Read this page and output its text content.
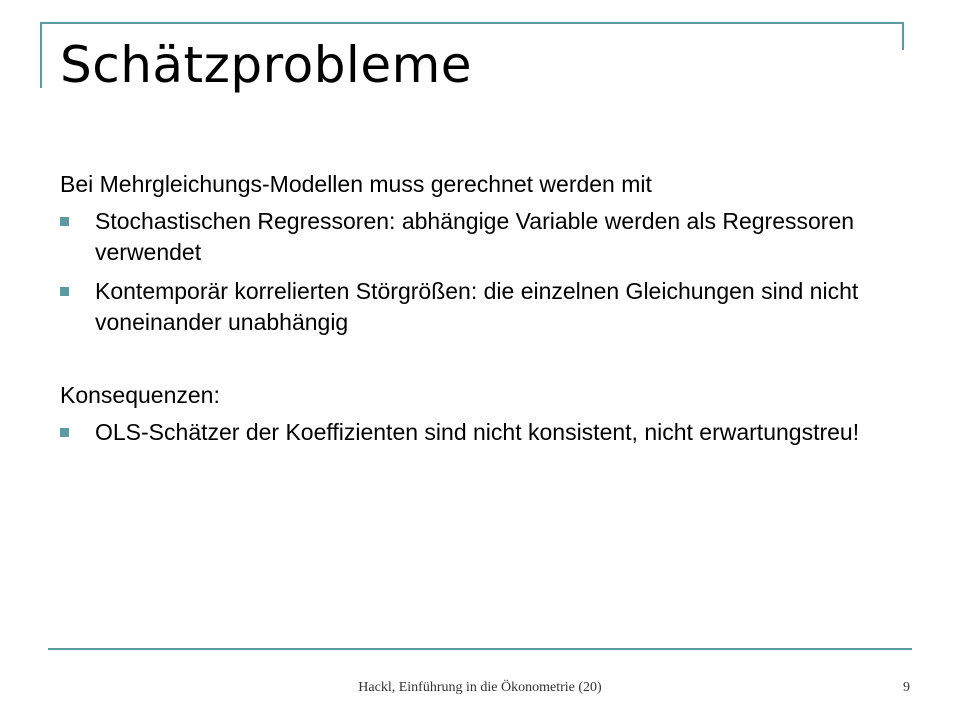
Schätzprobleme

Bei Mehrgleichungs-Modellen muss gerechnet werden mit

Stochastischen Regressoren: abhängige Variable werden als Regressoren verwendet
Kontemporär korrelierten Störgrößen: die einzelnen Gleichungen sind nicht voneinander unabhängig

Konsequenzen:

OLS-Schätzer der Koeffizienten sind nicht konsistent, nicht erwartungstreu!
Hackl, Einführung in die Ökonometrie (20)	9
